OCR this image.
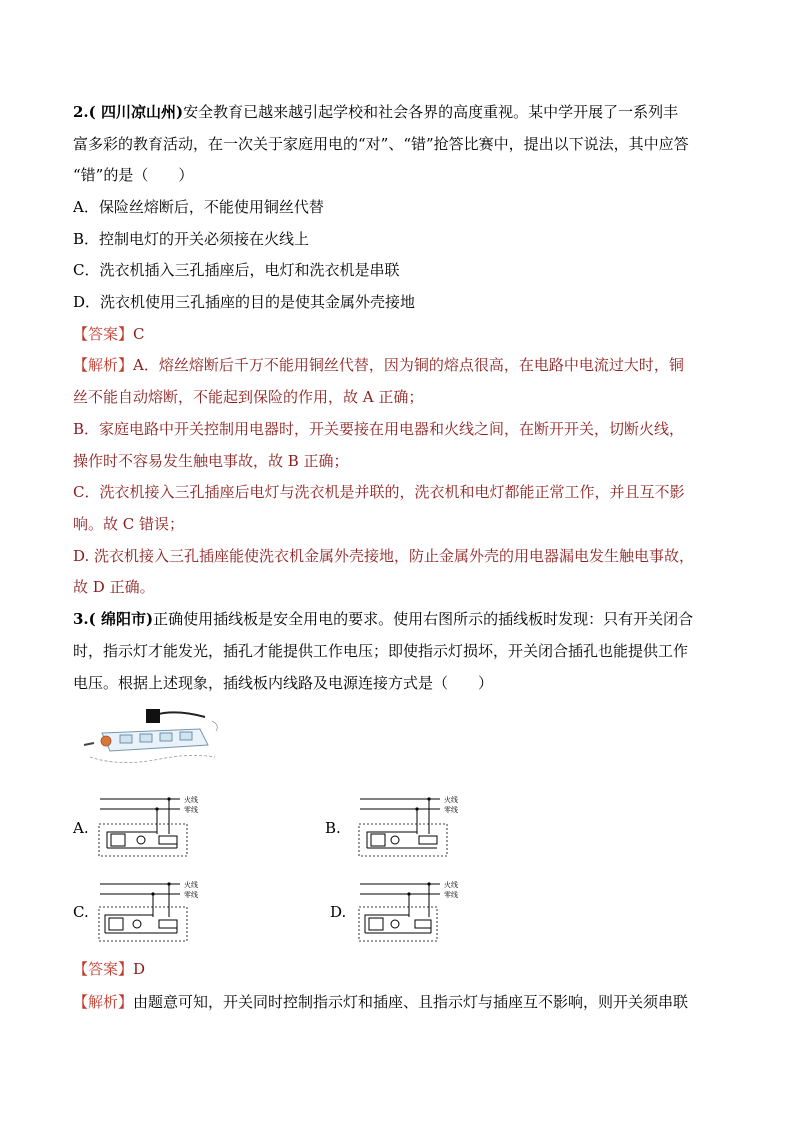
2.( 四川凉山州)安全教育已越来越引起学校和社会各界的高度重视。某中学开展了一系列丰
富多彩的教育活动，在一次关于家庭用电的“对”、“错”抢答比赛中，提出以下说法，其中应答
“错”的是（　　）
A．保险丝熔断后，不能使用铜丝代替
B．控制电灯的开关必须接在火线上
C．洗衣机插入三孔插座后，电灯和洗衣机是串联
D．洗衣机使用三孔插座的目的是使其金属外壳接地
【答案】C
【解析】A．熔丝熔断后千万不能用铜丝代替，因为铜的熔点很高，在电路中电流过大时，铜
丝不能自动熔断，不能起到保险的作用，故 A 正确；
B．家庭电路中开关控制用电器时，开关要接在用电器和火线之间，在断开开关，切断火线，
操作时不容易发生触电事故，故 B 正确；
C．洗衣机接入三孔插座后电灯与洗衣机是并联的，洗衣机和电灯都能正常工作，并且互不影
响。故 C 错误；
D. 洗衣机接入三孔插座能使洗衣机金属外壳接地，防止金属外壳的用电器漏电发生触电事故，
故 D 正确。
3.( 绵阳市)正确使用插线板是安全用电的要求。使用右图所示的插线板时发现：只有开关闭合
时，指示灯才能发光，插孔才能提供工作电压；即使指示灯损坏，开关闭合插孔也能提供工作
电压。根据上述现象，插线板内线路及电源连接方式是（　　）
A.	B.
C.	D.
火线
零线
火线
零线
火线
零线
火线
零线
【答案】D
【解析】由题意可知，开关同时控制指示灯和插座、且指示灯与插座互不影响，则开关须串联
